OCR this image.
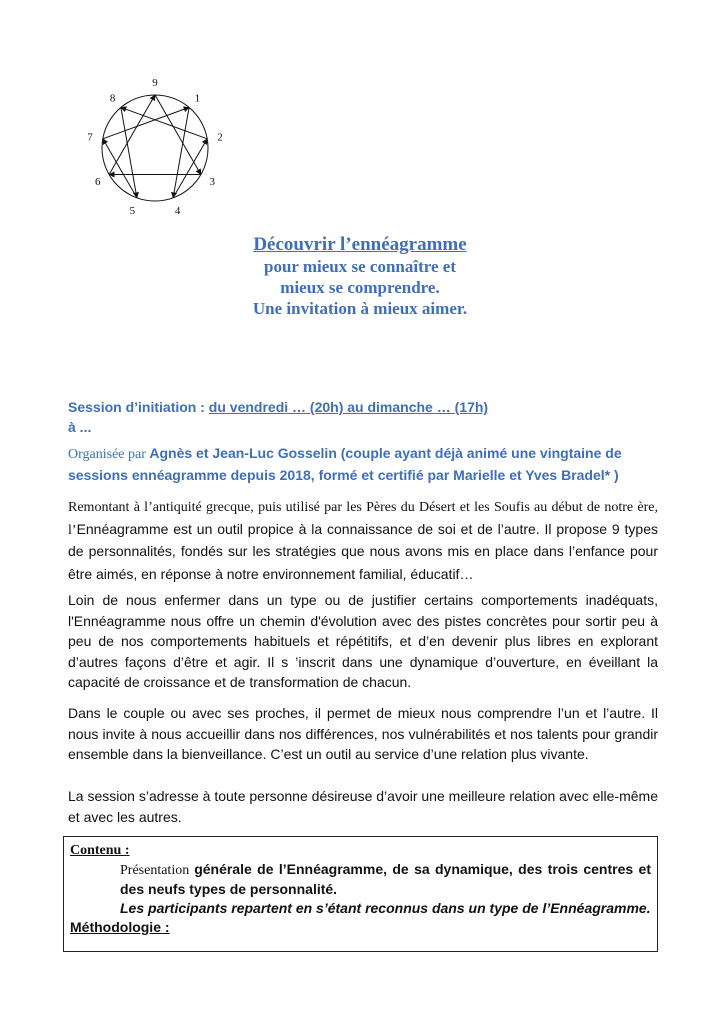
9
1
2
3
4
5
6
7
8
Découvrir l’ennéagramme
pour mieux se connaître et
mieux se comprendre.
Une invitation à mieux aimer.
Session d’initiation : du vendredi … (20h) au dimanche … (17h)
à ...
Organisée par Agnès et Jean-Luc Gosselin (couple ayant déjà animé une vingtaine de sessions ennéagramme depuis 2018, formé et certifié par Marielle et Yves Bradel* )
Remontant à l’antiquité grecque, puis utilisé par les Pères du Désert et les Soufis au début de notre ère, l’Ennéagramme est un outil propice à la connaissance de soi et de l’autre. Il propose 9 types de personnalités, fondés sur les stratégies que nous avons mis en place dans l’enfance pour être aimés, en réponse à notre environnement familial, éducatif…
Loin de nous enfermer dans un type ou de justifier certains comportements inadéquats, l'Ennéagramme nous offre un chemin d'évolution avec des pistes concrètes pour sortir peu à peu de nos comportements habituels et répétitifs, et d’en devenir plus libres en explorant d’autres façons d’être et agir. Il s ’inscrit dans une dynamique d’ouverture, en éveillant la capacité de croissance et de transformation de chacun.
Dans le couple ou avec ses proches, il permet de mieux nous comprendre l’un et l’autre. Il nous invite à nous accueillir dans nos différences, nos vulnérabilités et nos talents pour grandir ensemble dans la bienveillance. C’est un outil au service d’une relation plus vivante.
La session s’adresse à toute personne désireuse d’avoir une meilleure relation avec elle-même et avec les autres.
Contenu :
Présentation générale de l’Ennéagramme, de sa dynamique, des trois centres et des neufs types de personnalité.
Les participants repartent en s’étant reconnus dans un type de l’Ennéagramme.
Méthodologie :
